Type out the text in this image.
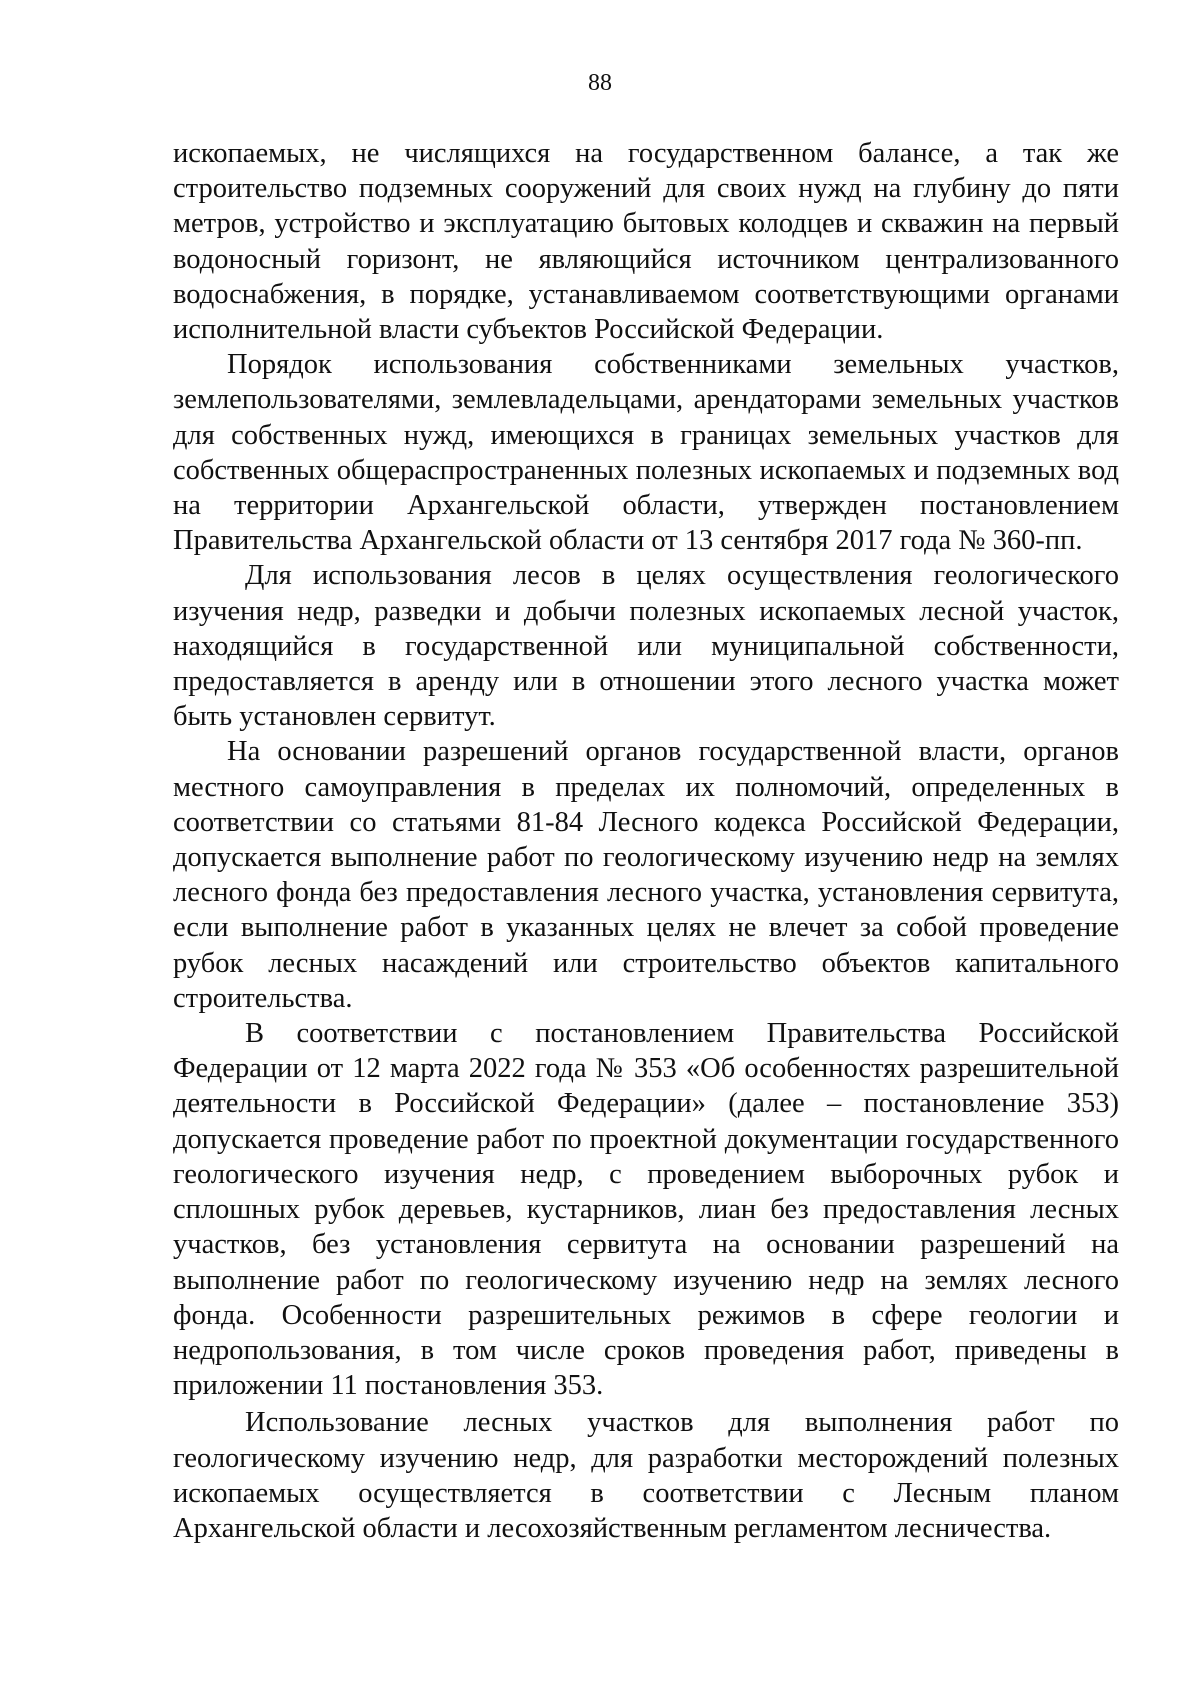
88

ископаемых, не числящихся на государственном балансе, а так же строительство подземных сооружений для своих нужд на глубину до пяти метров, устройство и эксплуатацию бытовых колодцев и скважин на первый водоносный горизонт, не являющийся источником централизованного водоснабжения, в порядке, устанавливаемом соответствующими органами исполнительной власти субъектов Российской Федерации.

Порядок использования собственниками земельных участков, землепользователями, землевладельцами, арендаторами земельных участков для собственных нужд, имеющихся в границах земельных участков для собственных общераспространенных полезных ископаемых и подземных вод на территории Архангельской области, утвержден постановлением Правительства Архангельской области от 13 сентября 2017 года № 360-пп.

Для использования лесов в целях осуществления геологического изучения недр, разведки и добычи полезных ископаемых лесной участок, находящийся в государственной или муниципальной собственности, предоставляется в аренду или в отношении этого лесного участка может быть установлен сервитут.

На основании разрешений органов государственной власти, органов местного самоуправления в пределах их полномочий, определенных в соответствии со статьями 81-84 Лесного кодекса Российской Федерации, допускается выполнение работ по геологическому изучению недр на землях лесного фонда без предоставления лесного участка, установления сервитута, если выполнение работ в указанных целях не влечет за собой проведение рубок лесных насаждений или строительство объектов капитального строительства.

В соответствии с постановлением Правительства Российской Федерации от 12 марта 2022 года № 353 «Об особенностях разрешительной деятельности в Российской Федерации» (далее – постановление 353) допускается проведение работ по проектной документации государственного геологического изучения недр, с проведением выборочных рубок и сплошных рубок деревьев, кустарников, лиан без предоставления лесных участков, без установления сервитута на основании разрешений на выполнение работ по геологическому изучению недр на землях лесного фонда. Особенности разрешительных режимов в сфере геологии и недропользования, в том числе сроков проведения работ, приведены в приложении 11 постановления 353.

Использование лесных участков для выполнения работ по геологическому изучению недр, для разработки месторождений полезных ископаемых осуществляется в соответствии с Лесным планом Архангельской области и лесохозяйственным регламентом лесничества.
